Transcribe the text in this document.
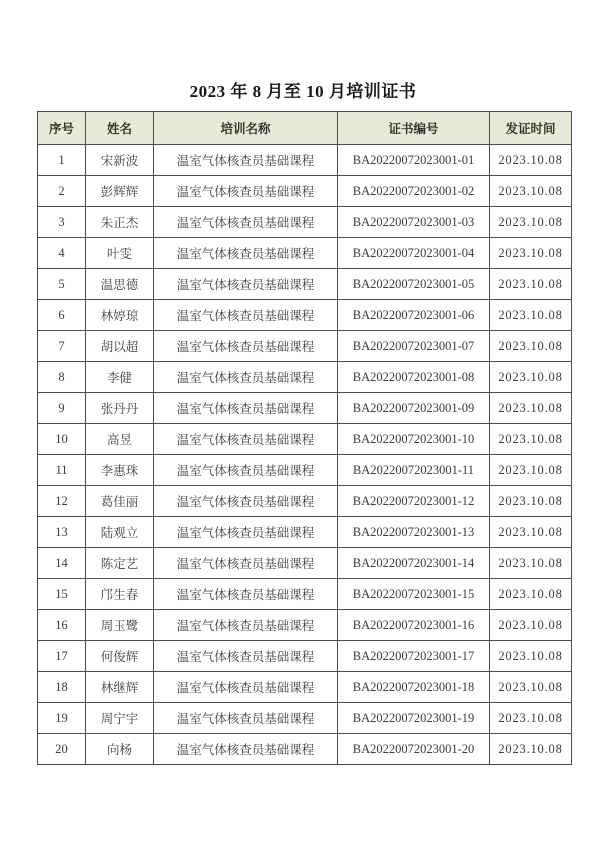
2023 年 8 月至 10 月培训证书
序号	姓名	培训名称	证书编号	发证时间
1	宋新波	温室气体核查员基础课程	BA20220072023001-01	2023.10.08
2	彭辉辉	温室气体核查员基础课程	BA20220072023001-02	2023.10.08
3	朱正杰	温室气体核查员基础课程	BA20220072023001-03	2023.10.08
4	叶雯	温室气体核查员基础课程	BA20220072023001-04	2023.10.08
5	温思德	温室气体核查员基础课程	BA20220072023001-05	2023.10.08
6	林婷琼	温室气体核查员基础课程	BA20220072023001-06	2023.10.08
7	胡以超	温室气体核查员基础课程	BA20220072023001-07	2023.10.08
8	李健	温室气体核查员基础课程	BA20220072023001-08	2023.10.08
9	张丹丹	温室气体核查员基础课程	BA20220072023001-09	2023.10.08
10	高昱	温室气体核查员基础课程	BA20220072023001-10	2023.10.08
11	李惠珠	温室气体核查员基础课程	BA20220072023001-11	2023.10.08
12	葛佳丽	温室气体核查员基础课程	BA20220072023001-12	2023.10.08
13	陆观立	温室气体核查员基础课程	BA20220072023001-13	2023.10.08
14	陈定艺	温室气体核查员基础课程	BA20220072023001-14	2023.10.08
15	邝生春	温室气体核查员基础课程	BA20220072023001-15	2023.10.08
16	周玉鹭	温室气体核查员基础课程	BA20220072023001-16	2023.10.08
17	何俊辉	温室气体核查员基础课程	BA20220072023001-17	2023.10.08
18	林继辉	温室气体核查员基础课程	BA20220072023001-18	2023.10.08
19	周宁宇	温室气体核查员基础课程	BA20220072023001-19	2023.10.08
20	向杨	温室气体核查员基础课程	BA20220072023001-20	2023.10.08
